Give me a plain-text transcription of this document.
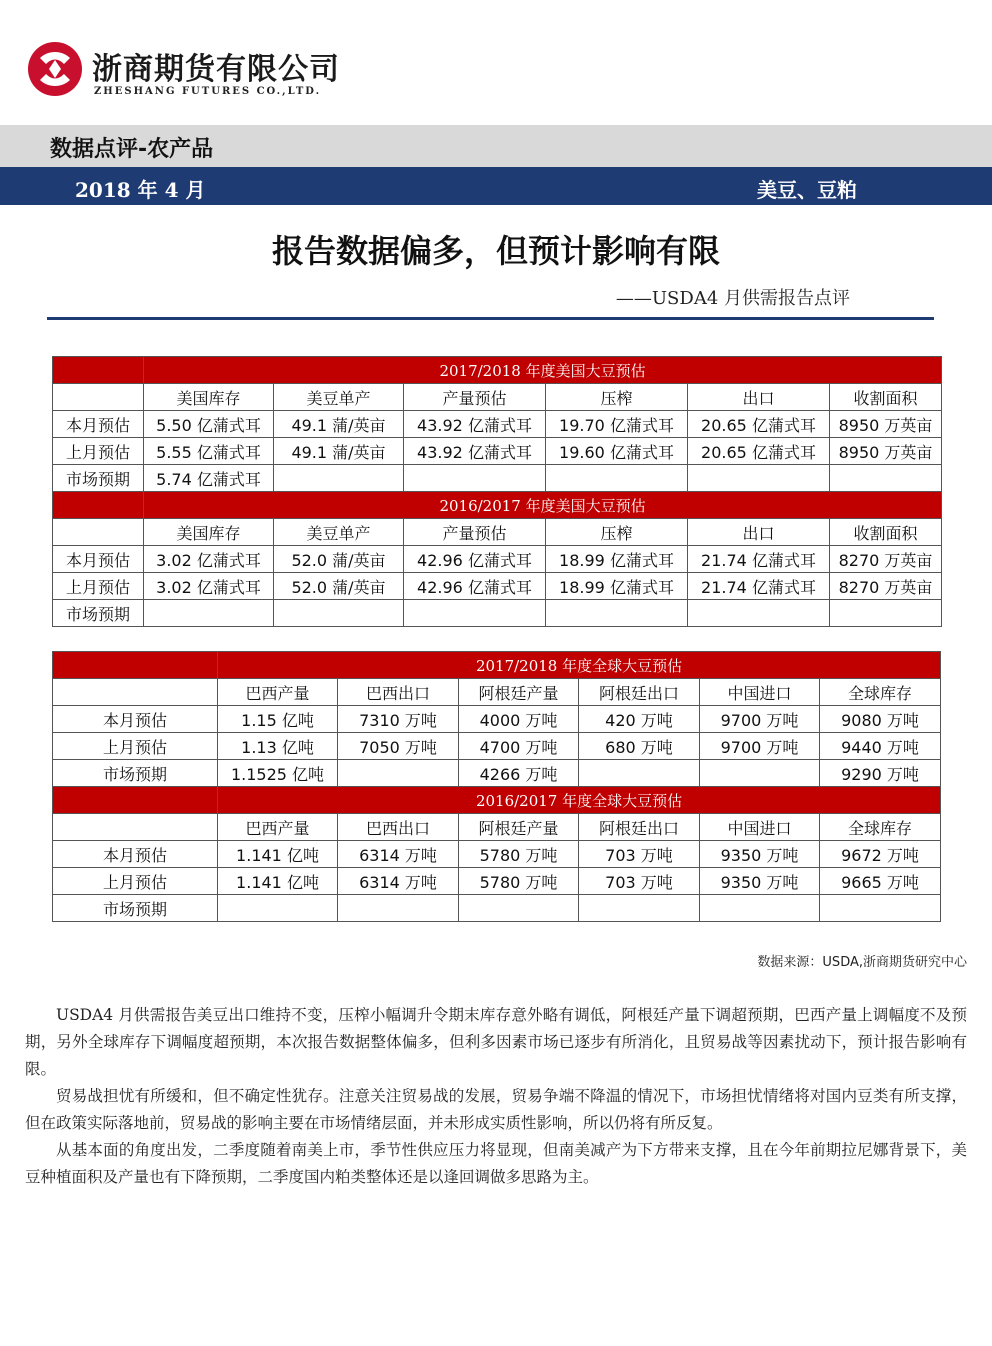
浙商期货有限公司
ZHESHANG FUTURES CO.,LTD.
数据点评-农产品
2018 年 4 月	美豆、豆粕
报告数据偏多，但预计影响有限
——USDA4 月供需报告点评
	2017/2018 年度美国大豆预估					
	美国库存	美豆单产	产量预估	压榨	出口	收割面积
本月预估	5.50 亿蒲式耳	49.1 蒲/英亩	43.92 亿蒲式耳	19.70 亿蒲式耳	20.65 亿蒲式耳	8950 万英亩
上月预估	5.55 亿蒲式耳	49.1 蒲/英亩	43.92 亿蒲式耳	19.60 亿蒲式耳	20.65 亿蒲式耳	8950 万英亩
市场预期	5.74 亿蒲式耳					
	2016/2017 年度美国大豆预估					
	美国库存	美豆单产	产量预估	压榨	出口	收割面积
本月预估	3.02 亿蒲式耳	52.0 蒲/英亩	42.96 亿蒲式耳	18.99 亿蒲式耳	21.74 亿蒲式耳	8270 万英亩
上月预估	3.02 亿蒲式耳	52.0 蒲/英亩	42.96 亿蒲式耳	18.99 亿蒲式耳	21.74 亿蒲式耳	8270 万英亩
市场预期						
	2017/2018 年度全球大豆预估					
	巴西产量	巴西出口	阿根廷产量	阿根廷出口	中国进口	全球库存
本月预估	1.15 亿吨	7310 万吨	4000 万吨	420 万吨	9700 万吨	9080 万吨
上月预估	1.13 亿吨	7050 万吨	4700 万吨	680 万吨	9700 万吨	9440 万吨
市场预期	1.1525 亿吨		4266 万吨			9290 万吨
	2016/2017 年度全球大豆预估					
	巴西产量	巴西出口	阿根廷产量	阿根廷出口	中国进口	全球库存
本月预估	1.141 亿吨	6314 万吨	5780 万吨	703 万吨	9350 万吨	9672 万吨
上月预估	1.141 亿吨	6314 万吨	5780 万吨	703 万吨	9350 万吨	9665 万吨
市场预期						
数据来源：USDA,浙商期货研究中心

USDA4 月供需报告美豆出口维持不变，压榨小幅调升令期末库存意外略有调低，阿根廷产量下调超预期，巴西产量上调幅度不及预期，另外全球库存下调幅度超预期，本次报告数据整体偏多，但利多因素市场已逐步有所消化，且贸易战等因素扰动下，预计报告影响有限。

贸易战担忧有所缓和，但不确定性犹存。注意关注贸易战的发展，贸易争端不降温的情况下，市场担忧情绪将对国内豆类有所支撑，但在政策实际落地前，贸易战的影响主要在市场情绪层面，并未形成实质性影响，所以仍将有所反复。

从基本面的角度出发，二季度随着南美上市，季节性供应压力将显现，但南美减产为下方带来支撑，且在今年前期拉尼娜背景下，美豆种植面积及产量也有下降预期，二季度国内粕类整体还是以逢回调做多思路为主。
